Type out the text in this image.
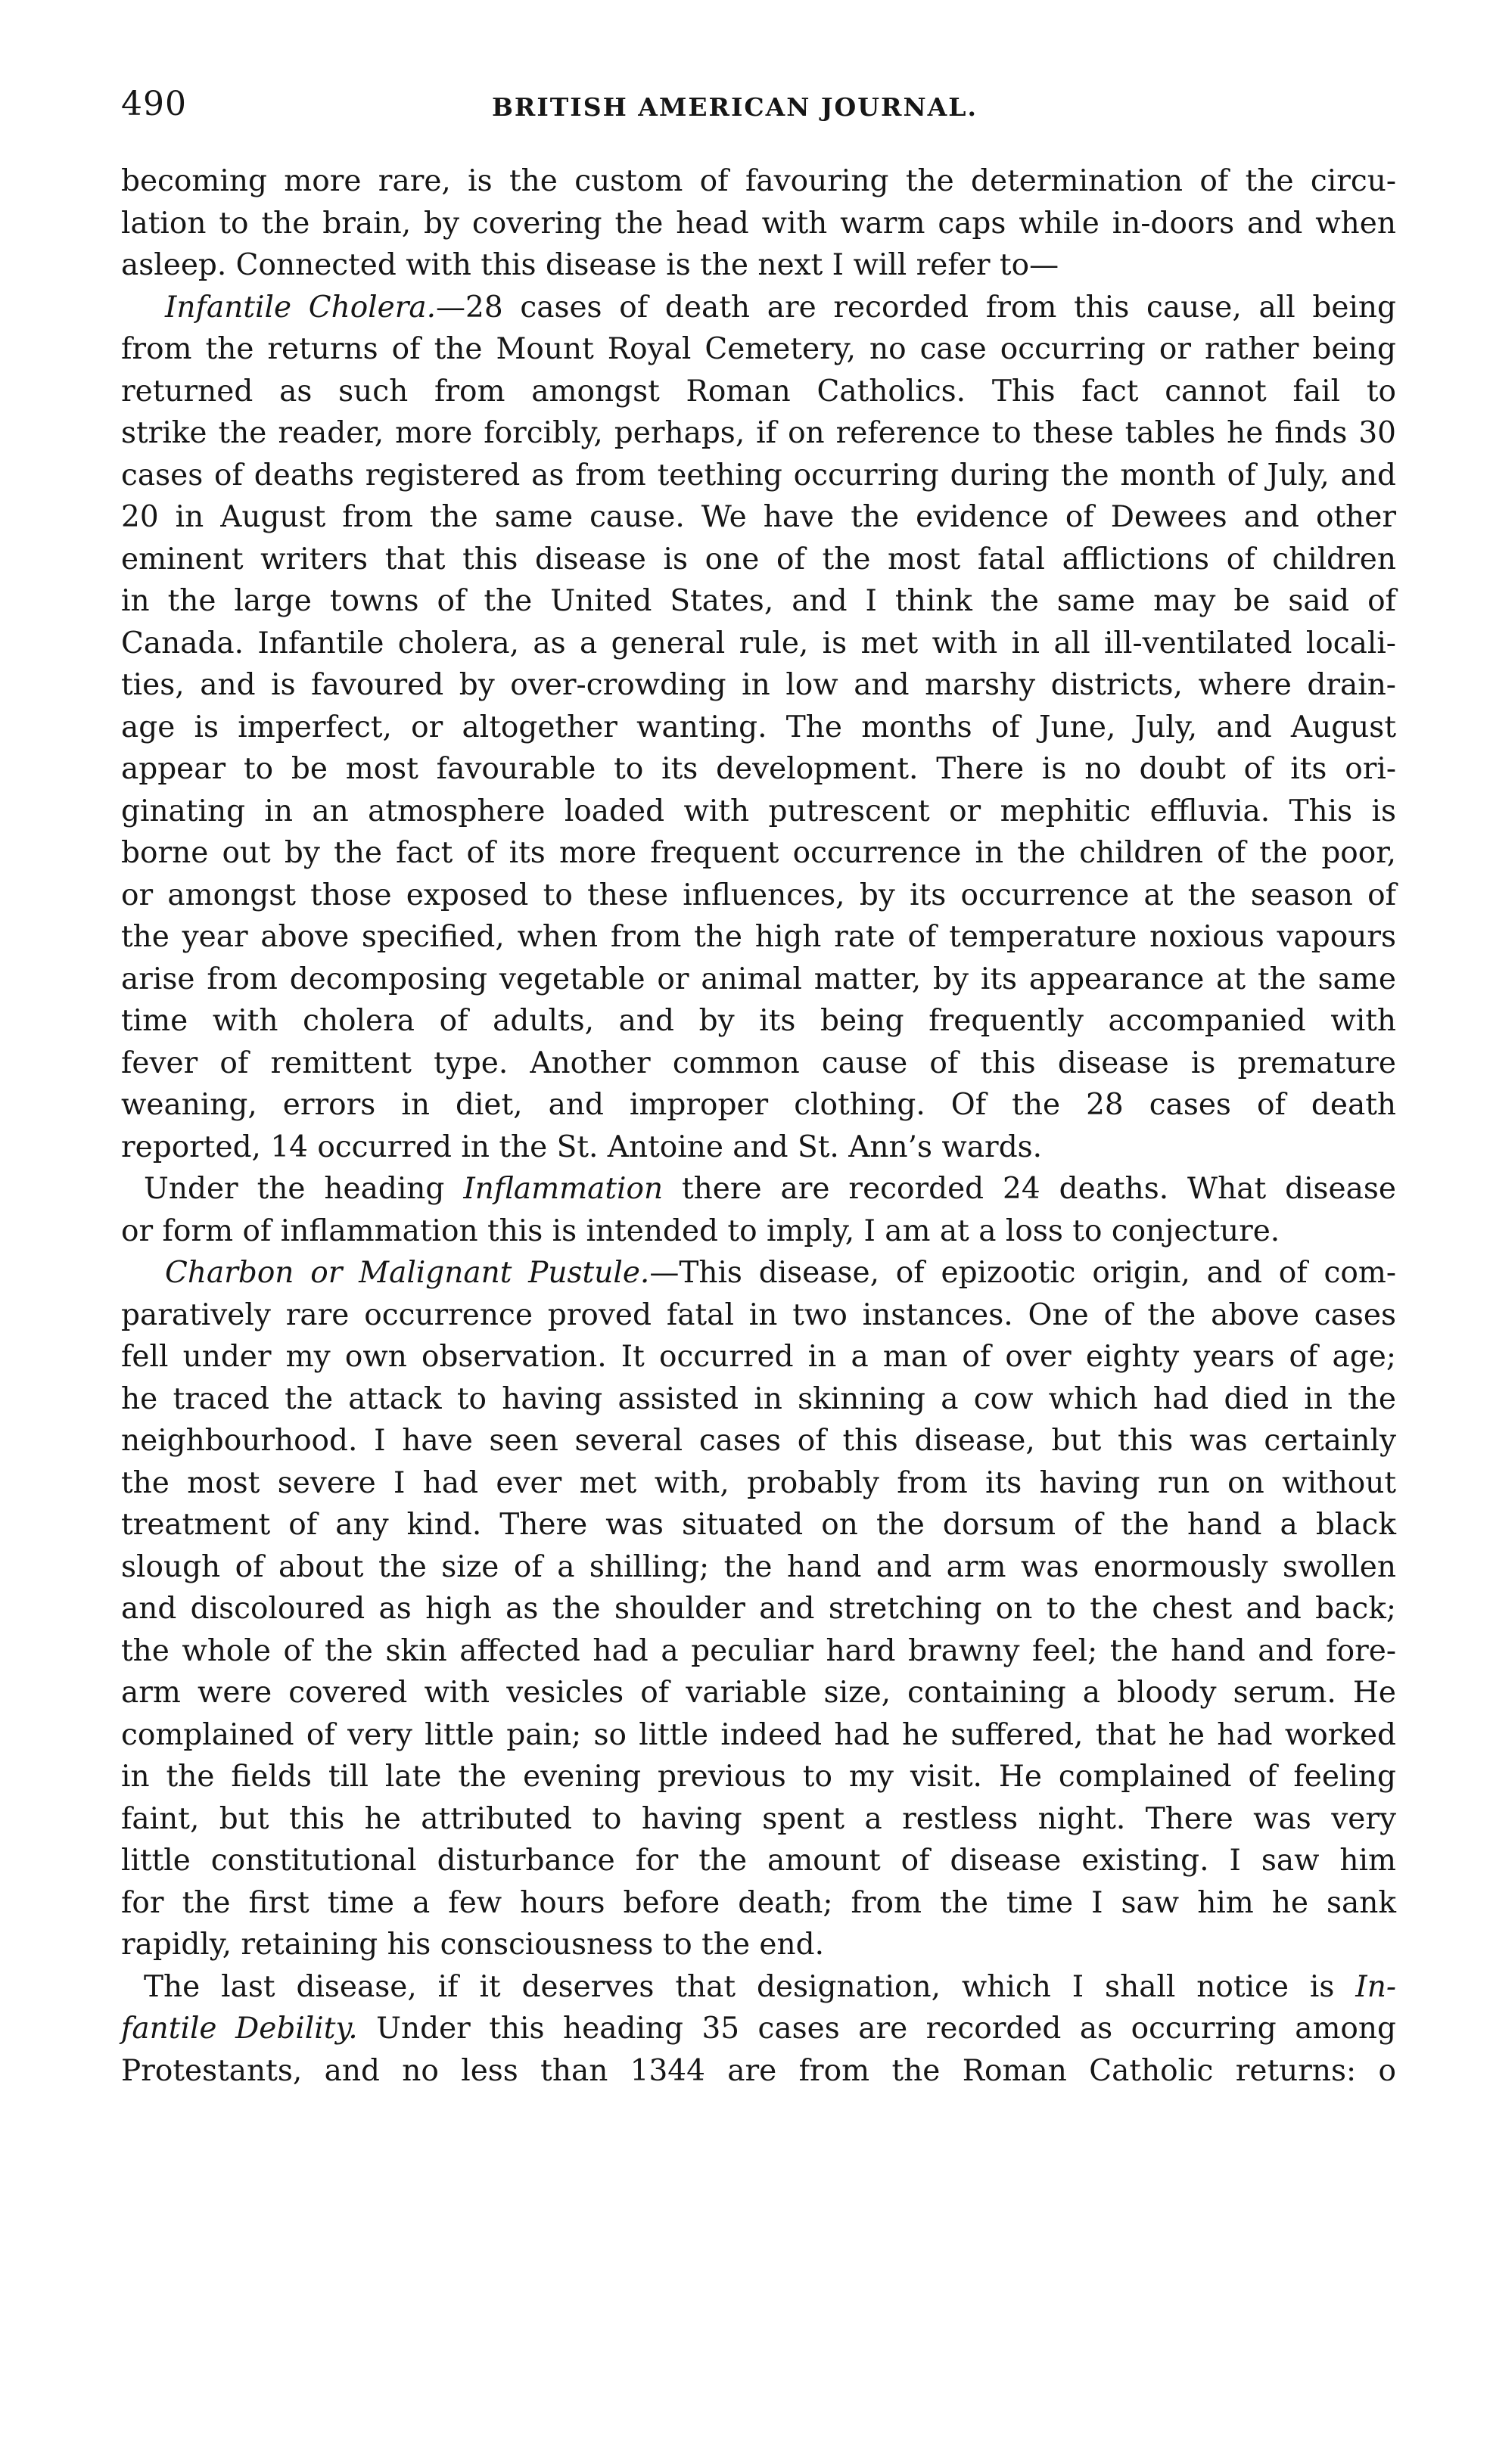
490	BRITISH AMERICAN JOURNAL.
becoming more rare, is the custom of favouring the determination of the circu-
lation to the brain, by covering the head with warm caps while in-doors and when
asleep. Connected with this disease is the next I will refer to—
Infantile Cholera.—28 cases of death are recorded from this cause, all being
from the returns of the Mount Royal Cemetery, no case occurring or rather being
returned as such from amongst Roman Catholics. This fact cannot fail to
strike the reader, more forcibly, perhaps, if on reference to these tables he finds 30
cases of deaths registered as from teething occurring during the month of July, and
20 in August from the same cause. We have the evidence of Dewees and other
eminent writers that this disease is one of the most fatal afflictions of children
in the large towns of the United States, and I think the same may be said of
Canada. Infantile cholera, as a general rule, is met with in all ill-ventilated locali-
ties, and is favoured by over-crowding in low and marshy districts, where drain-
age is imperfect, or altogether wanting. The months of June, July, and August
appear to be most favourable to its development. There is no doubt of its ori-
ginating in an atmosphere loaded with putrescent or mephitic effluvia. This is
borne out by the fact of its more frequent occurrence in the children of the poor,
or amongst those exposed to these influences, by its occurrence at the season of
the year above specified, when from the high rate of temperature noxious vapours
arise from decomposing vegetable or animal matter, by its appearance at the same
time with cholera of adults, and by its being frequently accompanied with
fever of remittent type. Another common cause of this disease is premature
weaning, errors in diet, and improper clothing. Of the 28 cases of death
reported, 14 occurred in the St. Antoine and St. Ann’s wards.
Under the heading Inflammation there are recorded 24 deaths. What disease
or form of inflammation this is intended to imply, I am at a loss to conjecture.
Charbon or Malignant Pustule.—This disease, of epizootic origin, and of com-
paratively rare occurrence proved fatal in two instances. One of the above cases
fell under my own observation. It occurred in a man of over eighty years of age;
he traced the attack to having assisted in skinning a cow which had died in the
neighbourhood. I have seen several cases of this disease, but this was certainly
the most severe I had ever met with, probably from its having run on without
treatment of any kind. There was situated on the dorsum of the hand a black
slough of about the size of a shilling; the hand and arm was enormously swollen
and discoloured as high as the shoulder and stretching on to the chest and back;
the whole of the skin affected had a peculiar hard brawny feel; the hand and fore-
arm were covered with vesicles of variable size, containing a bloody serum. He
complained of very little pain; so little indeed had he suffered, that he had worked
in the fields till late the evening previous to my visit. He complained of feeling
faint, but this he attributed to having spent a restless night. There was very
little constitutional disturbance for the amount of disease existing. I saw him
for the first time a few hours before death; from the time I saw him he sank
rapidly, retaining his consciousness to the end.
The last disease, if it deserves that designation, which I shall notice is In-
fantile Debility. Under this heading 35 cases are recorded as occurring among
Protestants, and no less than 1344 are from the Roman Catholic returns: o
